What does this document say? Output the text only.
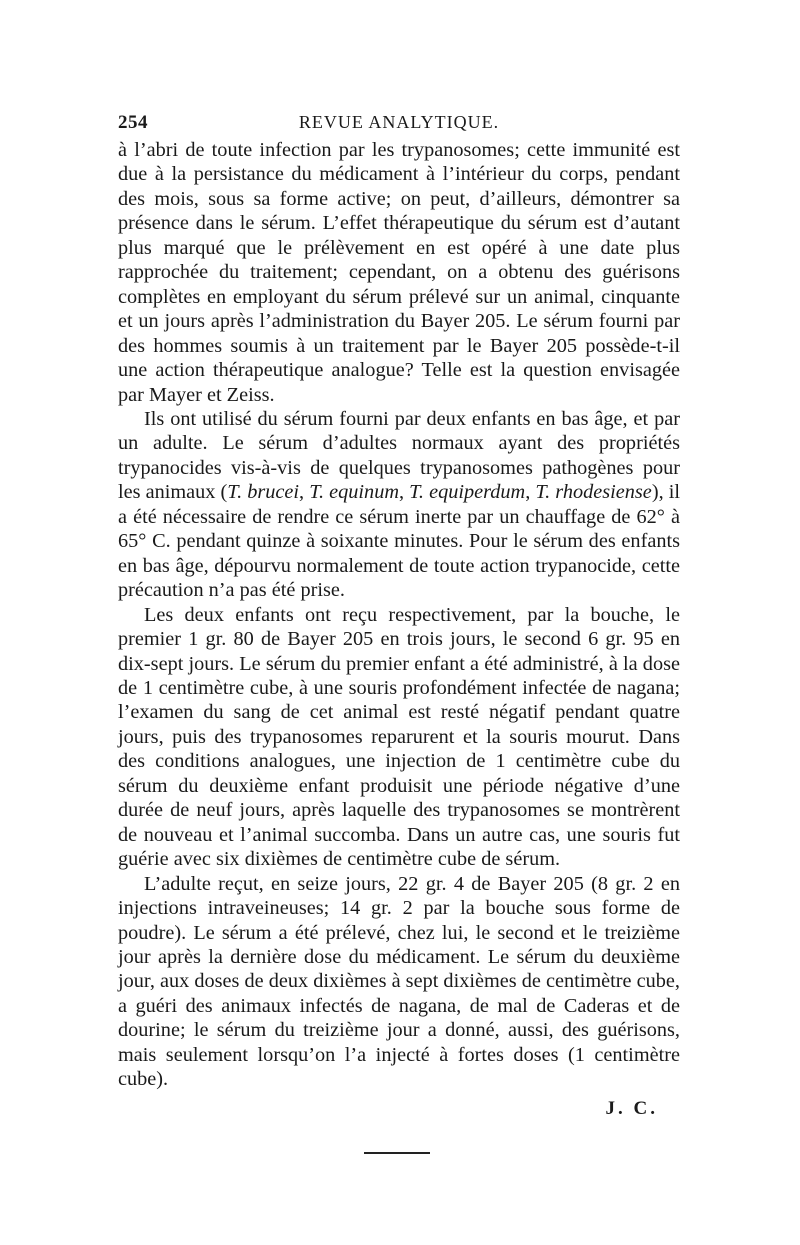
254	REVUE ANALYTIQUE.

à l’abri de toute infection par les trypanosomes; cette immunité est due à la persistance du médicament à l’intérieur du corps, pendant des mois, sous sa forme active; on peut, d’ailleurs, démontrer sa présence dans le sérum. L’effet thérapeutique du sérum est d’autant plus marqué que le prélèvement en est opéré à une date plus rapprochée du traitement; cependant, on a obtenu des guérisons complètes en employant du sérum prélevé sur un animal, cinquante et un jours après l’administration du Bayer 205. Le sérum fourni par des hommes soumis à un traitement par le Bayer 205 possède-t-il une action thérapeutique analogue? Telle est la question envisagée par Mayer et Zeiss.

Ils ont utilisé du sérum fourni par deux enfants en bas âge, et par un adulte. Le sérum d’adultes normaux ayant des propriétés trypanocides vis-à-vis de quelques trypanosomes pathogènes pour les animaux (T. brucei, T. equinum, T. equiperdum, T. rhodesiense), il a été nécessaire de rendre ce sérum inerte par un chauffage de 62° à 65° C. pendant quinze à soixante minutes. Pour le sérum des enfants en bas âge, dépourvu normalement de toute action trypanocide, cette précaution n’a pas été prise.

Les deux enfants ont reçu respectivement, par la bouche, le premier 1 gr. 80 de Bayer 205 en trois jours, le second 6 gr. 95 en dix-sept jours. Le sérum du premier enfant a été administré, à la dose de 1 centimètre cube, à une souris profondément infectée de nagana; l’examen du sang de cet animal est resté négatif pendant quatre jours, puis des trypanosomes reparurent et la souris mourut. Dans des conditions analogues, une injection de 1 centimètre cube du sérum du deuxième enfant produisit une période négative d’une durée de neuf jours, après laquelle des trypanosomes se montrèrent de nouveau et l’animal succomba. Dans un autre cas, une souris fut guérie avec six dixièmes de centimètre cube de sérum.

L’adulte reçut, en seize jours, 22 gr. 4 de Bayer 205 (8 gr. 2 en injections intraveineuses; 14 gr. 2 par la bouche sous forme de poudre). Le sérum a été prélevé, chez lui, le second et le treizième jour après la dernière dose du médicament. Le sérum du deuxième jour, aux doses de deux dixièmes à sept dixièmes de centimètre cube, a guéri des animaux infectés de nagana, de mal de Caderas et de dourine; le sérum du treizième jour a donné, aussi, des guérisons, mais seulement lorsqu’on l’a injecté à fortes doses (1 centimètre cube).

J. C.
